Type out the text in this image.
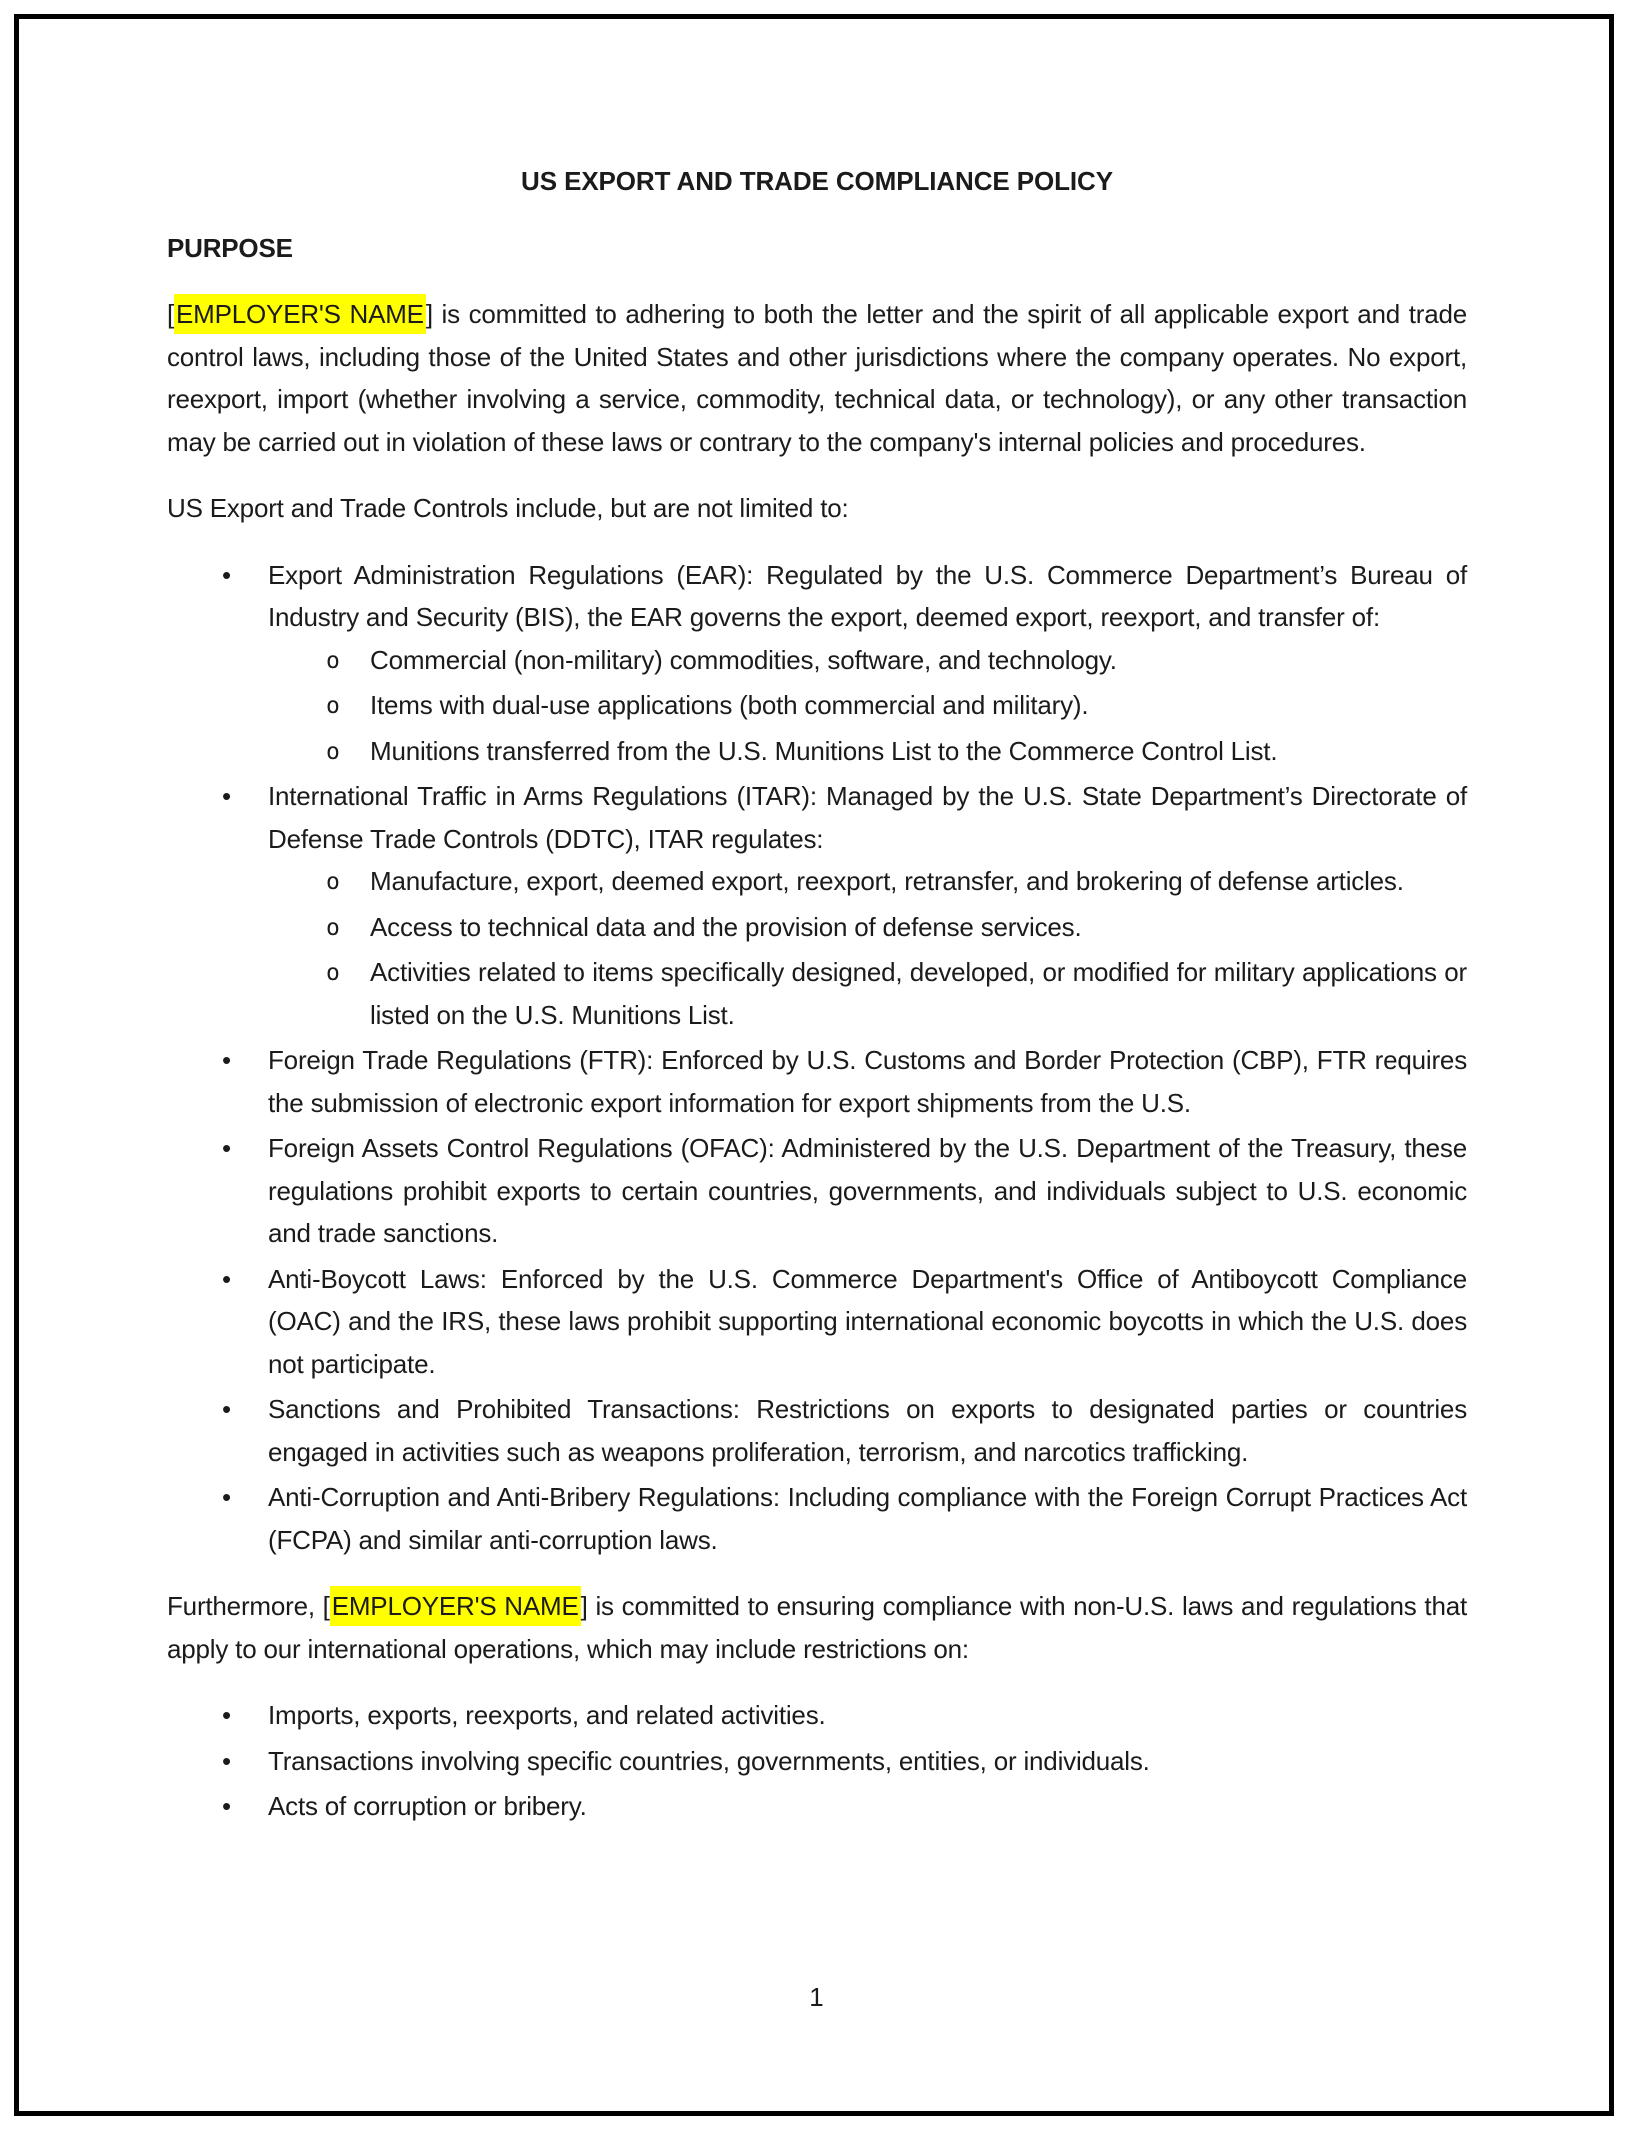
US EXPORT AND TRADE COMPLIANCE POLICY

PURPOSE

[EMPLOYER'S NAME] is committed to adhering to both the letter and the spirit of all applicable export and trade control laws, including those of the United States and other jurisdictions where the company operates. No export, reexport, import (whether involving a service, commodity, technical data, or technology), or any other transaction may be carried out in violation of these laws or contrary to the company's internal policies and procedures.

US Export and Trade Controls include, but are not limited to:

• Export Administration Regulations (EAR): Regulated by the U.S. Commerce Department’s Bureau of Industry and Security (BIS), the EAR governs the export, deemed export, reexport, and transfer of:
o Commercial (non-military) commodities, software, and technology.
o Items with dual-use applications (both commercial and military).
o Munitions transferred from the U.S. Munitions List to the Commerce Control List.
• International Traffic in Arms Regulations (ITAR): Managed by the U.S. State Department’s Directorate of Defense Trade Controls (DDTC), ITAR regulates:
o Manufacture, export, deemed export, reexport, retransfer, and brokering of defense articles.
o Access to technical data and the provision of defense services.
o Activities related to items specifically designed, developed, or modified for military applications or listed on the U.S. Munitions List.
• Foreign Trade Regulations (FTR): Enforced by U.S. Customs and Border Protection (CBP), FTR requires the submission of electronic export information for export shipments from the U.S.
• Foreign Assets Control Regulations (OFAC): Administered by the U.S. Department of the Treasury, these regulations prohibit exports to certain countries, governments, and individuals subject to U.S. economic and trade sanctions.
• Anti-Boycott Laws: Enforced by the U.S. Commerce Department's Office of Antiboycott Compliance (OAC) and the IRS, these laws prohibit supporting international economic boycotts in which the U.S. does not participate.
• Sanctions and Prohibited Transactions: Restrictions on exports to designated parties or countries engaged in activities such as weapons proliferation, terrorism, and narcotics trafficking.
• Anti-Corruption and Anti-Bribery Regulations: Including compliance with the Foreign Corrupt Practices Act (FCPA) and similar anti-corruption laws.

Furthermore, [EMPLOYER'S NAME] is committed to ensuring compliance with non-U.S. laws and regulations that apply to our international operations, which may include restrictions on:

• Imports, exports, reexports, and related activities.
• Transactions involving specific countries, governments, entities, or individuals.
• Acts of corruption or bribery.
1
